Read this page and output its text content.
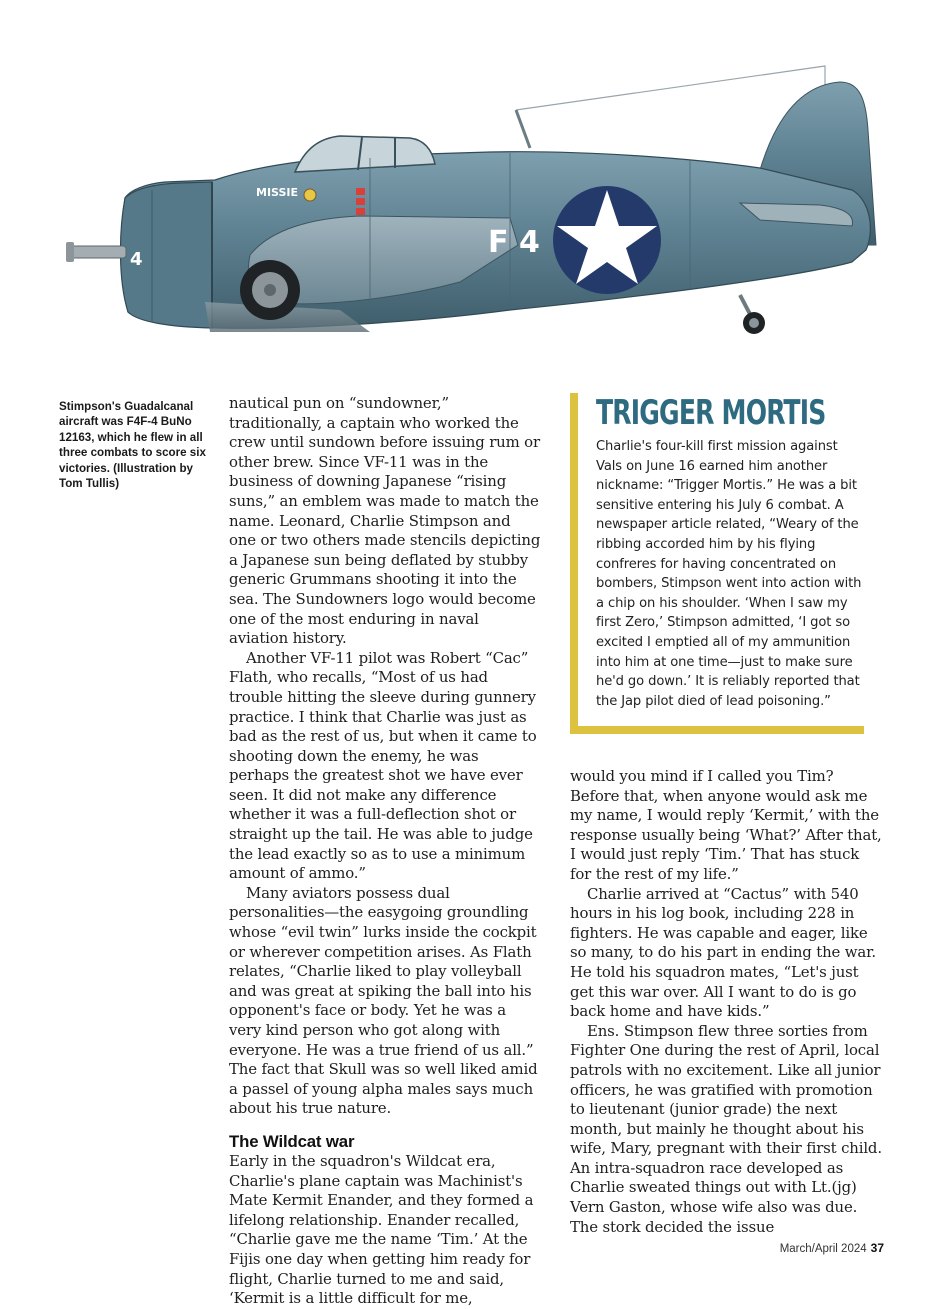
4
MISSIE
F 4
Stimpson's Guadalcanal aircraft was F4F-4 BuNo 12163, which he flew in all three combats to score six victories. (Illustration by Tom Tullis)

nautical pun on “sundowner,” traditionally, a captain who worked the crew until sundown before issuing rum or other brew. Since VF-11 was in the business of downing Japanese “rising suns,” an emblem was made to match the name. Leonard, Charlie Stimpson and one or two others made stencils depicting a Japanese sun being deflated by stubby generic Grummans shooting it into the sea. The Sundowners logo would become one of the most enduring in naval aviation history.

Another VF-11 pilot was Robert “Cac” Flath, who recalls, “Most of us had trouble hitting the sleeve during gunnery practice. I think that Charlie was just as bad as the rest of us, but when it came to shooting down the enemy, he was perhaps the greatest shot we have ever seen. It did not make any difference whether it was a full-deflection shot or straight up the tail. He was able to judge the lead exactly so as to use a minimum amount of ammo.”

Many aviators possess dual personalities—the easygoing groundling whose “evil twin” lurks inside the cockpit or wherever competition arises. As Flath relates, “Charlie liked to play volleyball and was great at spiking the ball into his opponent's face or body. Yet he was a very kind person who got along with everyone. He was a true friend of us all.” The fact that Skull was so well liked amid a passel of young alpha males says much about his true nature.

The Wildcat war

Early in the squadron's Wildcat era, Charlie's plane captain was Machinist's Mate Kermit Enander, and they formed a lifelong relationship. Enander recalled, “Charlie gave me the name ‘Tim.’ At the Fijis one day when getting him ready for flight, Charlie turned to me and said, ‘Kermit is a little difficult for me,

TRIGGER MORTIS

Charlie's four-kill first mission against Vals on June 16 earned him another nickname: “Trigger Mortis.” He was a bit sensitive entering his July 6 combat. A newspaper article related, “Weary of the ribbing accorded him by his flying confreres for having concentrated on bombers, Stimpson went into action with a chip on his shoulder. ‘When I saw my first Zero,’ Stimpson admitted, ‘I got so excited I emptied all of my ammunition into him at one time—just to make sure he'd go down.’ It is reliably reported that the Jap pilot died of lead poisoning.”

would you mind if I called you Tim? Before that, when anyone would ask me my name, I would reply ‘Kermit,’ with the response usually being ‘What?’ After that, I would just reply ‘Tim.’ That has stuck for the rest of my life.”

Charlie arrived at “Cactus” with 540 hours in his log book, including 228 in fighters. He was capable and eager, like so many, to do his part in ending the war. He told his squadron mates, “Let's just get this war over. All I want to do is go back home and have kids.”

Ens. Stimpson flew three sorties from Fighter One during the rest of April, local patrols with no excitement. Like all junior officers, he was gratified with promotion to lieutenant (junior grade) the next month, but mainly he thought about his wife, Mary, pregnant with their first child. An intra-squadron race developed as Charlie sweated things out with Lt.(jg) Vern Gaston, whose wife also was due. The stork decided the issue

March/April 2024 37
